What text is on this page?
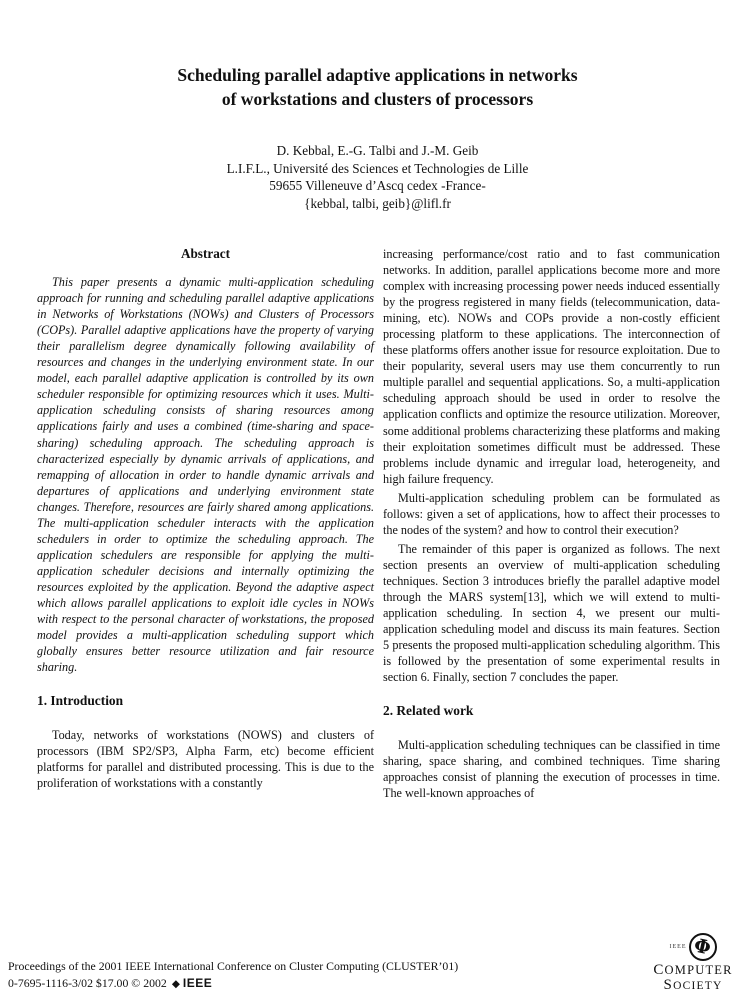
Scheduling parallel adaptive applications in networks
of workstations and clusters of processors
D. Kebbal, E.-G. Talbi and J.-M. Geib
L.I.F.L., Université des Sciences et Technologies de Lille
59655 Villeneuve d’Ascq cedex -France-
{kebbal, talbi, geib}@lifl.fr
Abstract

This paper presents a dynamic multi-application scheduling approach for running and scheduling parallel adaptive applications in Networks of Workstations (NOWs) and Clusters of Processors (COPs). Parallel adaptive applications have the property of varying their parallelism degree dynamically following availability of resources and changes in the underlying environment state. In our model, each parallel adaptive application is controlled by its own scheduler responsible for optimizing resources which it uses. Multi-application scheduling consists of sharing resources among applications fairly and uses a combined (time-sharing and space-sharing) scheduling approach. The scheduling approach is characterized especially by dynamic arrivals of applications, and remapping of allocation in order to handle dynamic arrivals and departures of applications and underlying environment state changes. Therefore, resources are fairly shared among applications. The multi-application scheduler interacts with the application schedulers in order to optimize the scheduling approach. The application schedulers are responsible for applying the multi-application scheduler decisions and internally optimizing the resources exploited by the application. Beyond the adaptive aspect which allows parallel applications to exploit idle cycles in NOWs with respect to the personal character of workstations, the proposed model provides a multi-application scheduling support which globally ensures better resource utilization and fair resource sharing.

1. Introduction

Today, networks of workstations (NOWS) and clusters of processors (IBM SP2/SP3, Alpha Farm, etc) become efficient platforms for parallel and distributed processing. This is due to the proliferation of workstations with a constantly

increasing performance/cost ratio and to fast communication networks. In addition, parallel applications become more and more complex with increasing processing power needs induced essentially by the progress registered in many fields (telecommunication, data-mining, etc). NOWs and COPs provide a non-costly efficient processing platform to these applications. The interconnection of these platforms offers another issue for resource exploitation. Due to their popularity, several users may use them concurrently to run multiple parallel and sequential applications. So, a multi-application scheduling approach should be used in order to resolve the application conflicts and optimize the resource utilization. Moreover, some additional problems characterizing these platforms and making their exploitation sometimes difficult must be addressed. These problems include dynamic and irregular load, heterogeneity, and high failure frequency.

Multi-application scheduling problem can be formulated as follows: given a set of applications, how to affect their processes to the nodes of the system? and how to control their execution?

The remainder of this paper is organized as follows. The next section presents an overview of multi-application scheduling techniques. Section 3 introduces briefly the parallel adaptive model through the MARS system[13], which we will extend to multi-application scheduling. In section 4, we present our multi-application scheduling model and discuss its main features. Section 5 presents the proposed multi-application scheduling algorithm. This is followed by the presentation of some experimental results in section 6. Finally, section 7 concludes the paper.

2. Related work

Multi-application scheduling techniques can be classified in time sharing, space sharing, and combined techniques. Time sharing approaches consist of planning the execution of processes in time. The well-known approaches of

Proceedings of the 2001 IEEE International Conference on Cluster Computing (CLUSTER’01)
0-7695-1116-3/02 $17.00 © 2002 ◆ IEEE
IEEE Φ
COMPUTER
SOCIETY
